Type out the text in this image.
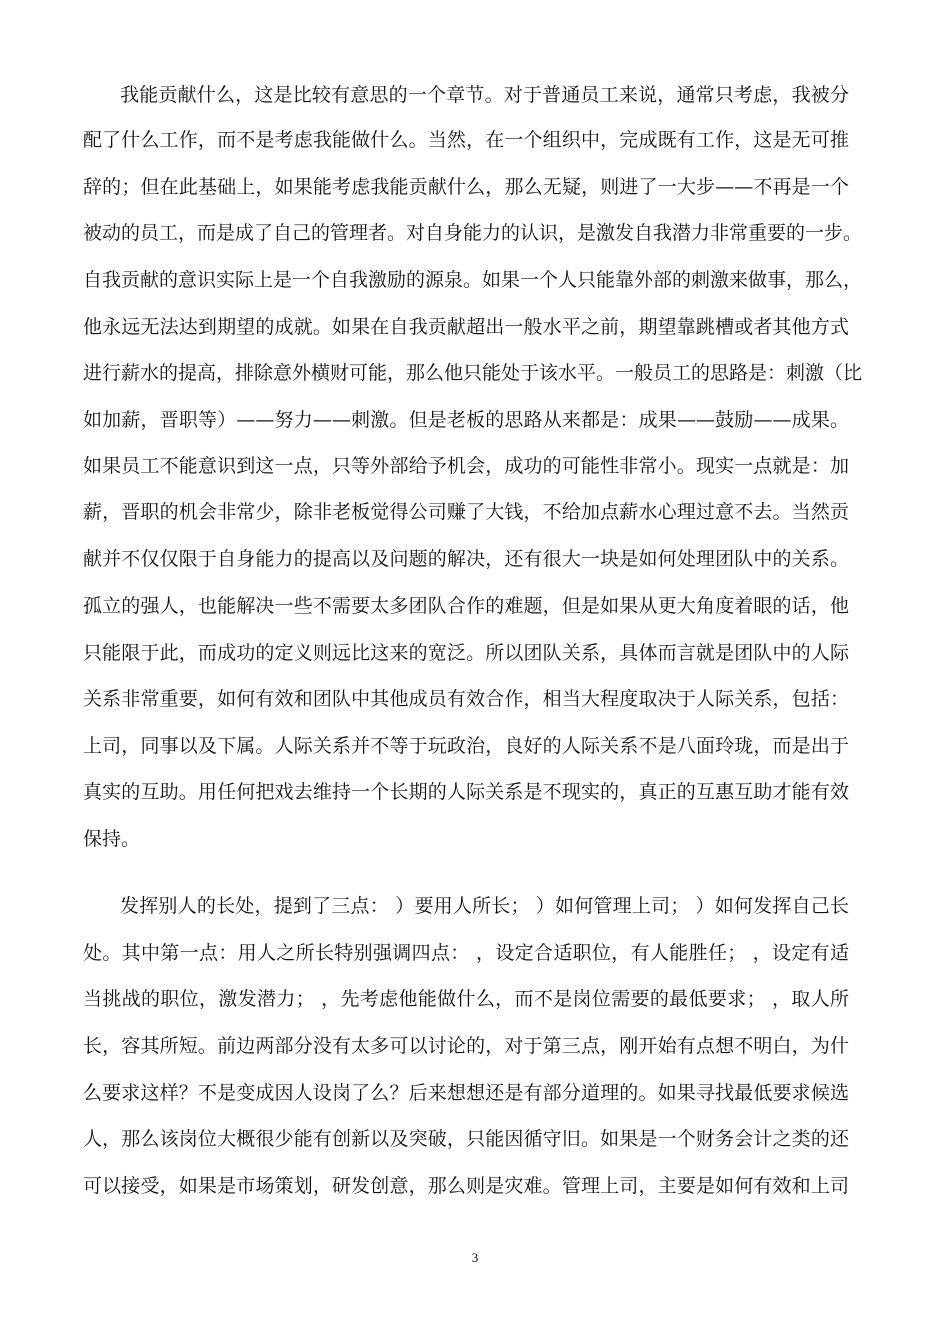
我能贡献什么，这是比较有意思的一个章节。对于普通员工来说，通常只考虑，我被分
配了什么工作，而不是考虑我能做什么。当然，在一个组织中，完成既有工作，这是无可推
辞的；但在此基础上，如果能考虑我能贡献什么，那么无疑，则进了一大步——不再是一个
被动的员工，而是成了自己的管理者。对自身能力的认识，是激发自我潜力非常重要的一步。
自我贡献的意识实际上是一个自我激励的源泉。如果一个人只能靠外部的刺激来做事，那么，
他永远无法达到期望的成就。如果在自我贡献超出一般水平之前，期望靠跳槽或者其他方式
进行薪水的提高，排除意外横财可能，那么他只能处于该水平。一般员工的思路是：刺激（比
如加薪，晋职等）——努力——刺激。但是老板的思路从来都是：成果——鼓励——成果。
如果员工不能意识到这一点，只等外部给予机会，成功的可能性非常小。现实一点就是：加
薪，晋职的机会非常少，除非老板觉得公司赚了大钱，不给加点薪水心理过意不去。当然贡
献并不仅仅限于自身能力的提高以及问题的解决，还有很大一块是如何处理团队中的关系。
孤立的强人，也能解决一些不需要太多团队合作的难题，但是如果从更大角度着眼的话，他
只能限于此，而成功的定义则远比这来的宽泛。所以团队关系，具体而言就是团队中的人际
关系非常重要，如何有效和团队中其他成员有效合作，相当大程度取决于人际关系，包括：
上司，同事以及下属。人际关系并不等于玩政治，良好的人际关系不是八面玲珑，而是出于
真实的互助。用任何把戏去维持一个长期的人际关系是不现实的，真正的互惠互助才能有效
保持。
发挥别人的长处，提到了三点： ）要用人所长； ）如何管理上司； ）如何发挥自己长
处。其中第一点：用人之所长特别强调四点： ，设定合适职位，有人能胜任； ，设定有适
当挑战的职位，激发潜力； ，先考虑他能做什么，而不是岗位需要的最低要求； ，取人所
长，容其所短。前边两部分没有太多可以讨论的，对于第三点，刚开始有点想不明白，为什
么要求这样？不是变成因人设岗了么？后来想想还是有部分道理的。如果寻找最低要求候选
人，那么该岗位大概很少能有创新以及突破，只能因循守旧。如果是一个财务会计之类的还
可以接受，如果是市场策划，研发创意，那么则是灾难。管理上司，主要是如何有效和上司
3
